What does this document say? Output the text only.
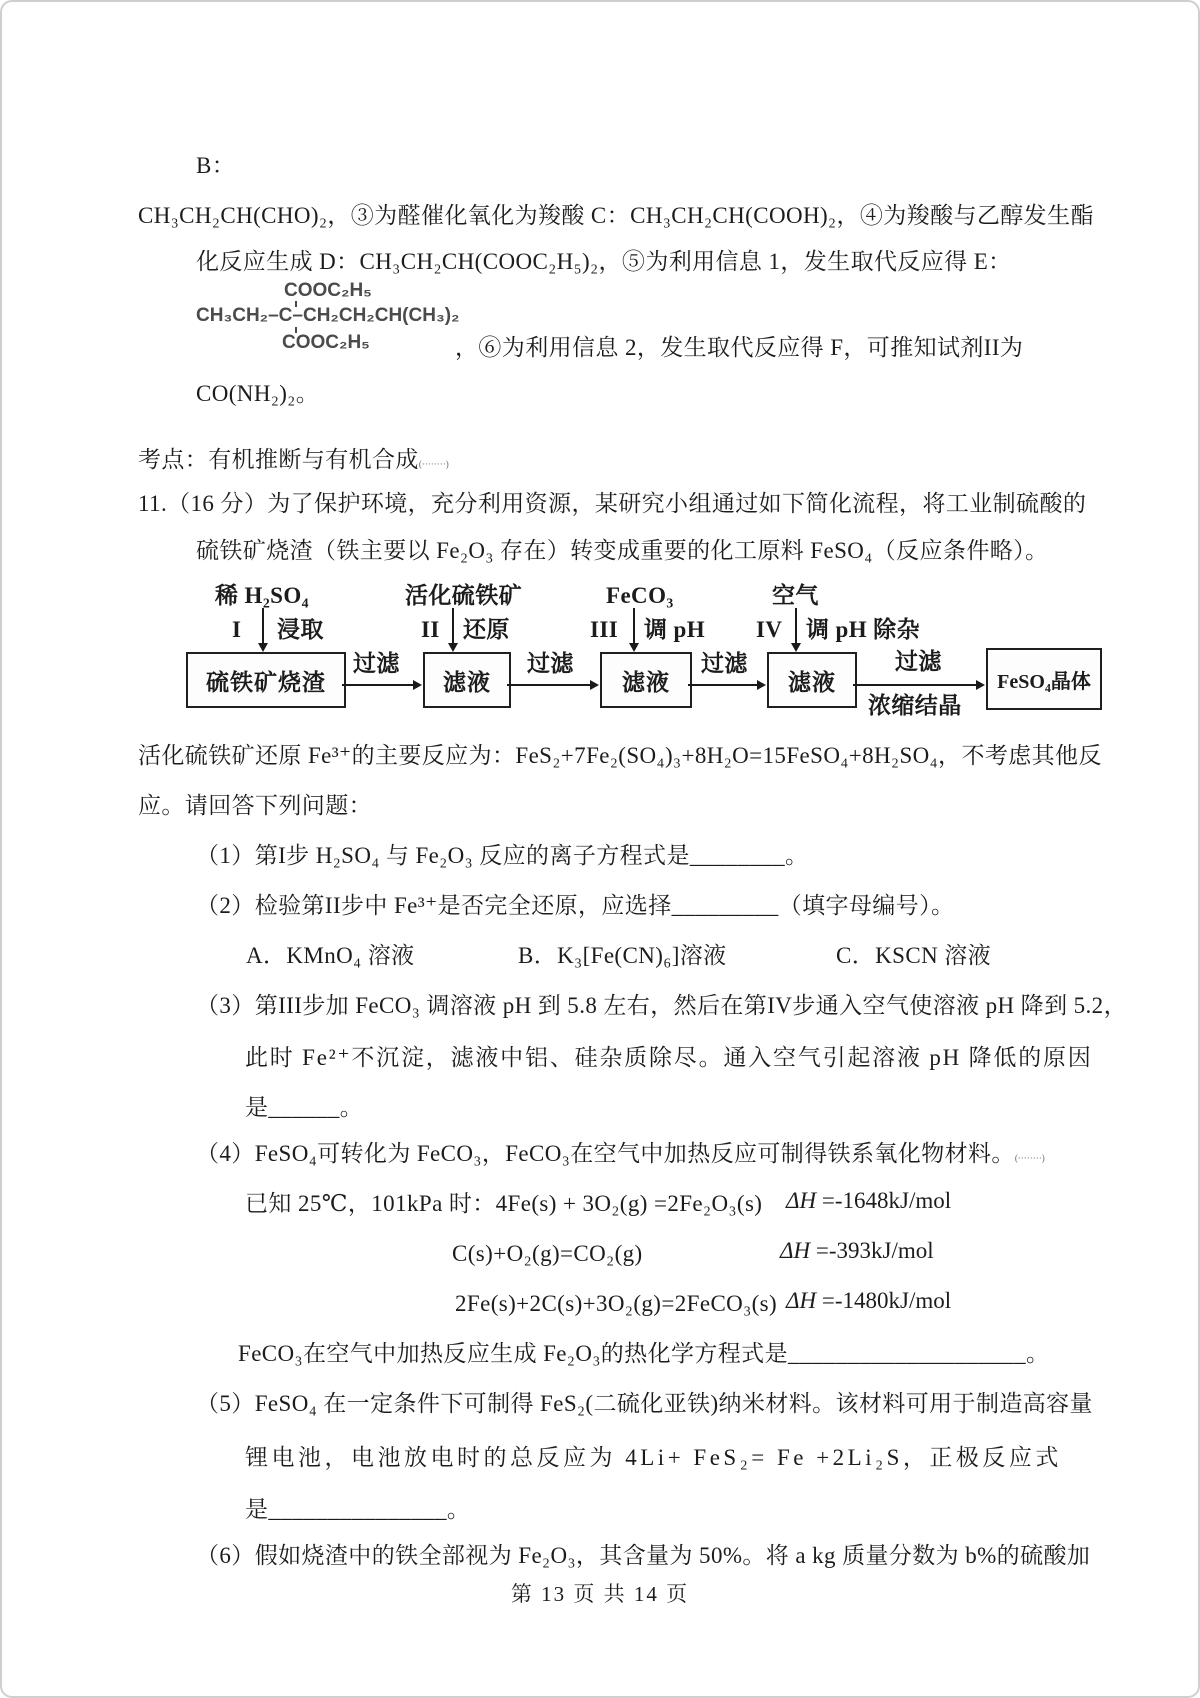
B：
CH₃CH₂CH(CHO)₂，③为醛催化氧化为羧酸 C：CH₃CH₂CH(COOH)₂，④为羧酸与乙醇发生酯
化反应生成 D：CH₃CH₂CH(COOC₂H₅)₂，⑤为利用信息 1，发生取代反应得 E：
COOC₂H₅
CH₃CH₂–C–CH₂CH₂CH(CH₃)₂
COOC₂H₅	，⑥为利用信息 2，发生取代反应得 F，可推知试剂II为
CO(NH₂)₂。
考点：有机推断与有机合成(········)
11.（16 分）为了保护环境，充分利用资源，某研究小组通过如下简化流程，将工业制硫酸的
硫铁矿烧渣（铁主要以 Fe₂O₃ 存在）转变成重要的化工原料 FeSO₄（反应条件略）。
稀 H₂SO₄	活化硫铁矿	FeCO₃	空气
I 浸取	II 还原	III 调 pH IV 调 pH 除杂
硫铁矿烧渣
过滤
滤液
过滤
滤液
过滤
滤液
过滤
浓缩结晶
FeSO₄晶体
活化硫铁矿还原 Fe³⁺的主要反应为：FeS₂+7Fe₂(SO₄)₃+8H₂O=15FeSO₄+8H₂SO₄，不考虑其他反
应。请回答下列问题：
（1）第I步 H₂SO₄ 与 Fe₂O₃ 反应的离子方程式是________。
（2）检验第II步中 Fe³⁺是否完全还原，应选择_________（填字母编号）。
A．KMnO₄ 溶液	B．K₃[Fe(CN)₆]溶液	C．KSCN 溶液
（3）第III步加 FeCO₃ 调溶液 pH 到 5.8 左右，然后在第IV步通入空气使溶液 pH 降到 5.2，
此时 Fe²⁺不沉淀，滤液中铝、硅杂质除尽。通入空气引起溶液 pH 降低的原因
是______。
（4）FeSO₄可转化为 FeCO₃，FeCO₃在空气中加热反应可制得铁系氧化物材料。(········)
已知 25℃，101kPa 时：4Fe(s) + 3O₂(g) =2Fe₂O₃(s) ΔH =-1648kJ/mol
C(s)+O₂(g)=CO₂(g)	ΔH =-393kJ/mol
2Fe(s)+2C(s)+3O₂(g)=2FeCO₃(s) ΔH =-1480kJ/mol
FeCO₃在空气中加热反应生成 Fe₂O₃的热化学方程式是____________________。
（5）FeSO₄ 在一定条件下可制得 FeS₂(二硫化亚铁)纳米材料。该材料可用于制造高容量
锂电池，电池放电时的总反应为 4Li+ FeS₂= Fe +2Li₂S，正极反应式
是_______________。
（6）假如烧渣中的铁全部视为 Fe₂O₃，其含量为 50%。将 a kg 质量分数为 b%的硫酸加
第 13 页 共 14 页
